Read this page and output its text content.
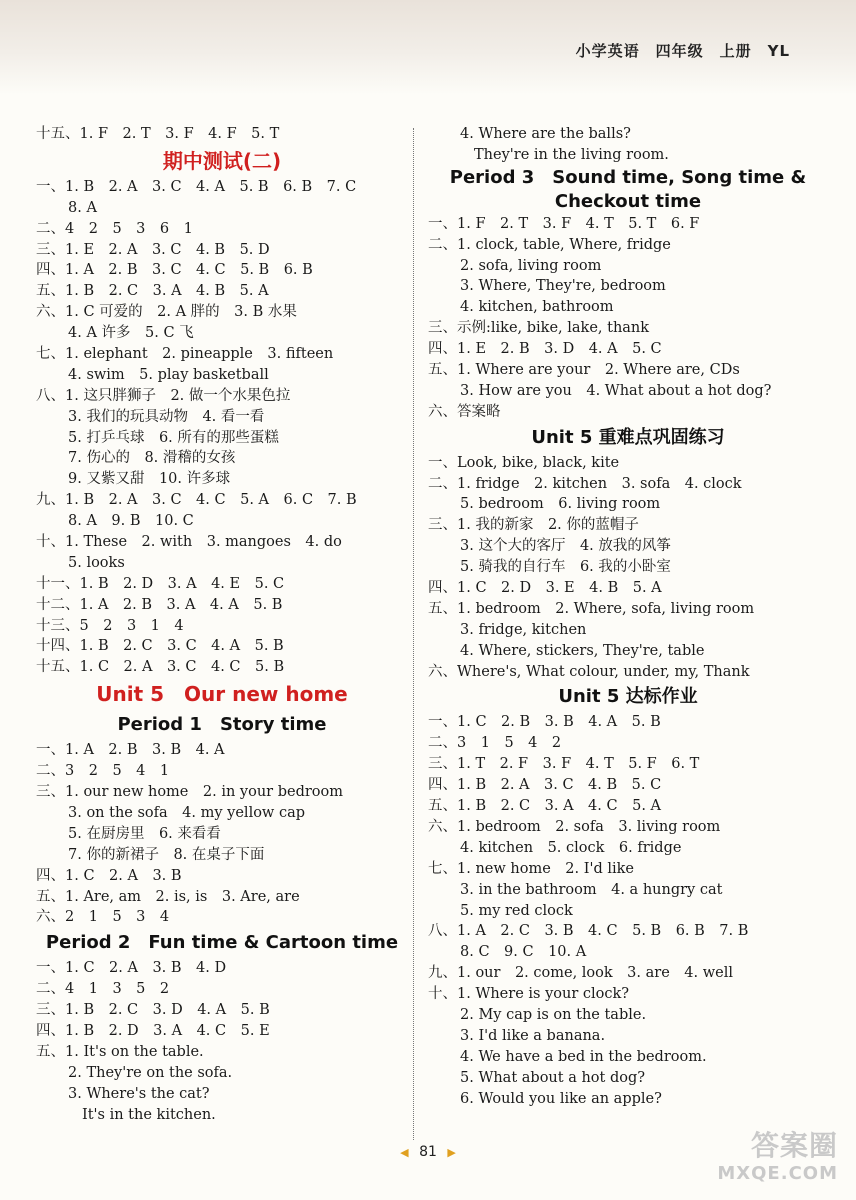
小学英语　四年级　上册　YL
十五、1. F　2. T　3. F　4. F　5. T
期中测试(二)
一、1. B　2. A　3. C　4. A　5. B　6. B　7. C
8. A
二、4　2　5　3　6　1
三、1. E　2. A　3. C　4. B　5. D
四、1. A　2. B　3. C　4. C　5. B　6. B
五、1. B　2. C　3. A　4. B　5. A
六、1. C 可爱的　2. A 胖的　3. B 水果
4. A 许多　5. C 飞
七、1. elephant　2. pineapple　3. fifteen
4. swim　5. play basketball
八、1. 这只胖狮子　2. 做一个水果色拉
3. 我们的玩具动物　4. 看一看
5. 打乒乓球　6. 所有的那些蛋糕
7. 伤心的　8. 滑稽的女孩
9. 又紫又甜　10. 许多球
九、1. B　2. A　3. C　4. C　5. A　6. C　7. B
8. A　9. B　10. C
十、1. These　2. with　3. mangoes　4. do
5. looks
十一、1. B　2. D　3. A　4. E　5. C
十二、1. A　2. B　3. A　4. A　5. B
十三、5　2　3　1　4
十四、1. B　2. C　3. C　4. A　5. B
十五、1. C　2. A　3. C　4. C　5. B
Unit 5　Our new home
Period 1　Story time
一、1. A　2. B　3. B　4. A
二、3　2　5　4　1
三、1. our new home　2. in your bedroom
3. on the sofa　4. my yellow cap
5. 在厨房里　6. 来看看
7. 你的新裙子　8. 在桌子下面
四、1. C　2. A　3. B
五、1. Are, am　2. is, is　3. Are, are
六、2　1　5　3　4
Period 2　Fun time & Cartoon time
一、1. C　2. A　3. B　4. D
二、4　1　3　5　2
三、1. B　2. C　3. D　4. A　5. B
四、1. B　2. D　3. A　4. C　5. E
五、1. It's on the table.
2. They're on the sofa.
3. Where's the cat?
It's in the kitchen.
4. Where are the balls?
They're in the living room.
Period 3　Sound time, Song time & Checkout time
一、1. F　2. T　3. F　4. T　5. T　6. F
二、1. clock, table, Where, fridge
2. sofa, living room
3. Where, They're, bedroom
4. kitchen, bathroom
三、示例:like, bike, lake, thank
四、1. E　2. B　3. D　4. A　5. C
五、1. Where are your　2. Where are, CDs
3. How are you　4. What about a hot dog?
六、答案略
Unit 5 重难点巩固练习
一、Look, bike, black, kite
二、1. fridge　2. kitchen　3. sofa　4. clock
5. bedroom　6. living room
三、1. 我的新家　2. 你的蓝帽子
3. 这个大的客厅　4. 放我的风筝
5. 骑我的自行车　6. 我的小卧室
四、1. C　2. D　3. E　4. B　5. A
五、1. bedroom　2. Where, sofa, living room
3. fridge, kitchen
4. Where, stickers, They're, table
六、Where's, What colour, under, my, Thank
Unit 5 达标作业
一、1. C　2. B　3. B　4. A　5. B
二、3　1　5　4　2
三、1. T　2. F　3. F　4. T　5. F　6. T
四、1. B　2. A　3. C　4. B　5. C
五、1. B　2. C　3. A　4. C　5. A
六、1. bedroom　2. sofa　3. living room
4. kitchen　5. clock　6. fridge
七、1. new home　2. I'd like
3. in the bathroom　4. a hungry cat
5. my red clock
八、1. A　2. C　3. B　4. C　5. B　6. B　7. B
8. C　9. C　10. A
九、1. our　2. come, look　3. are　4. well
十、1. Where is your clock?
2. My cap is on the table.
3. I'd like a banana.
4. We have a bed in the bedroom.
5. What about a hot dog?
6. Would you like an apple?
◀ 81 ▶	答案圈
MXQE.COM
